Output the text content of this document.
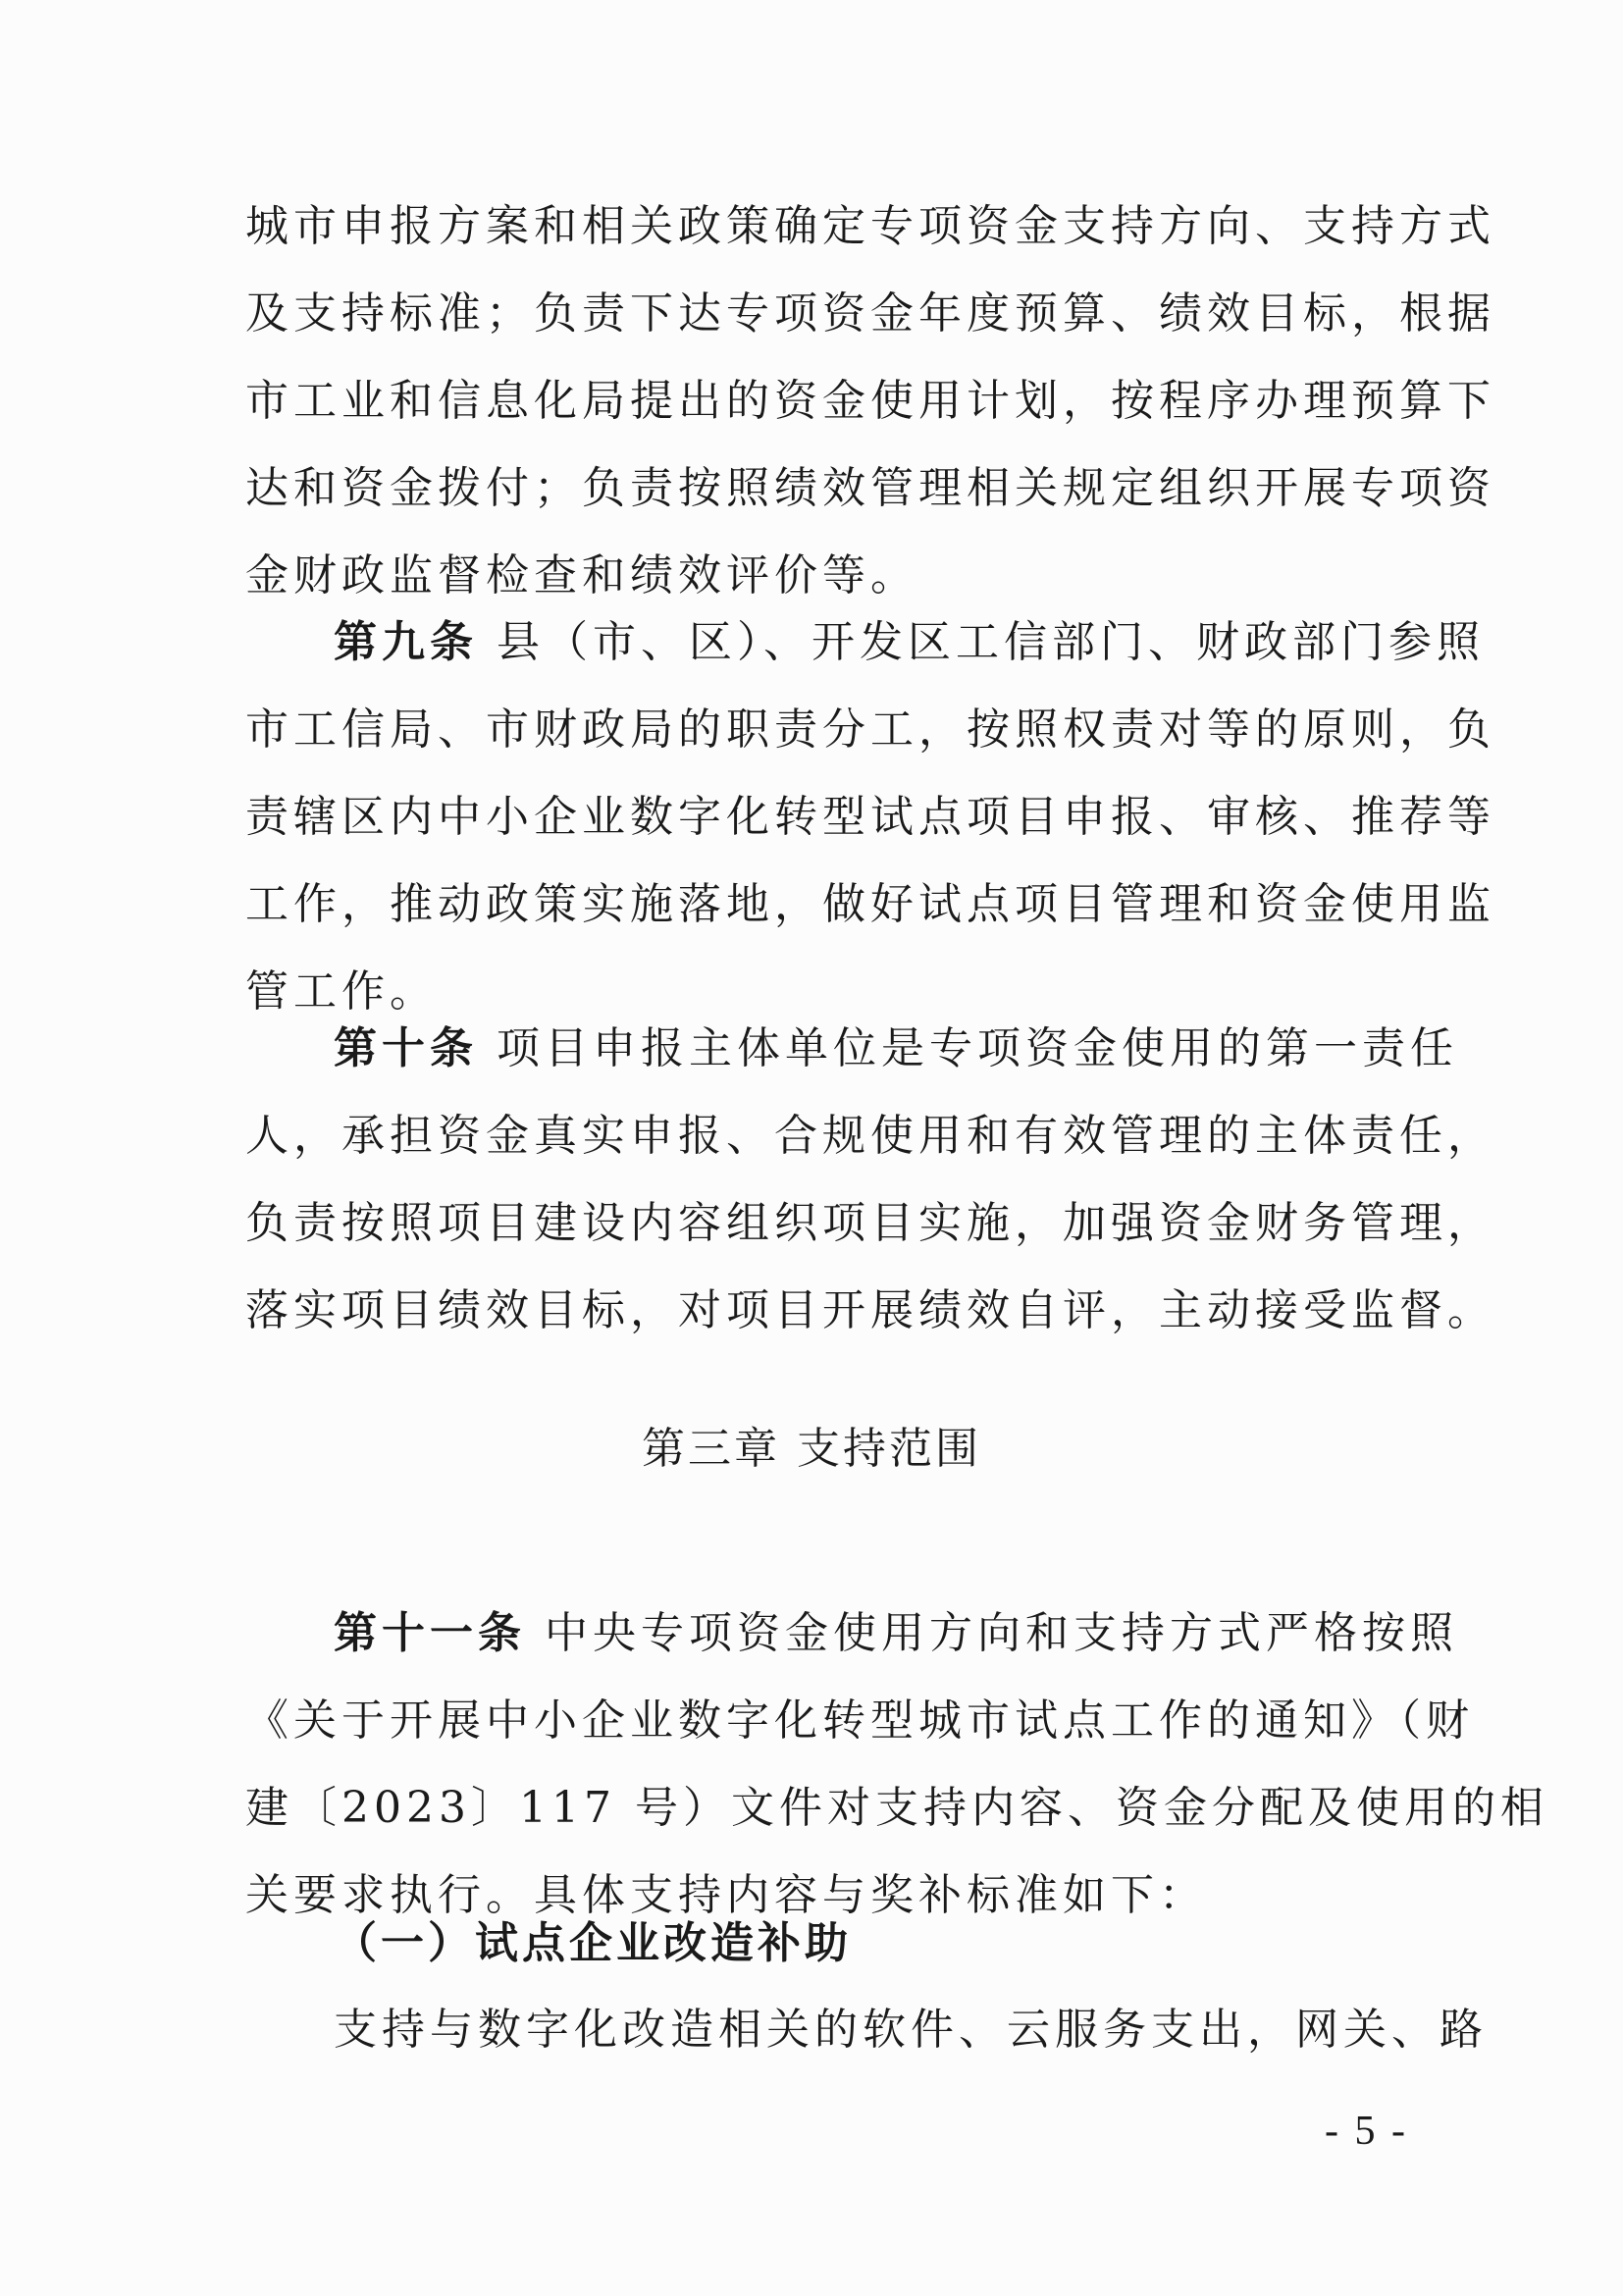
城市申报方案和相关政策确定专项资金支持方向、支持方式
及支持标准；负责下达专项资金年度预算、绩效目标，根据
市工业和信息化局提出的资金使用计划，按程序办理预算下
达和资金拨付；负责按照绩效管理相关规定组织开展专项资
金财政监督检查和绩效评价等。
第九条 县（市、区）、开发区工信部门、财政部门参照
市工信局、市财政局的职责分工，按照权责对等的原则，负
责辖区内中小企业数字化转型试点项目申报、审核、推荐等
工作，推动政策实施落地，做好试点项目管理和资金使用监
管工作。
第十条 项目申报主体单位是专项资金使用的第一责任
人，承担资金真实申报、合规使用和有效管理的主体责任，
负责按照项目建设内容组织项目实施，加强资金财务管理，
落实项目绩效目标，对项目开展绩效自评，主动接受监督。
第三章 支持范围
第十一条 中央专项资金使用方向和支持方式严格按照
《关于开展中小企业数字化转型城市试点工作的通知》（财
建〔2023〕117 号）文件对支持内容、资金分配及使用的相
关要求执行。具体支持内容与奖补标准如下：
（一）试点企业改造补助
支持与数字化改造相关的软件、云服务支出，网关、路
- 5 -
